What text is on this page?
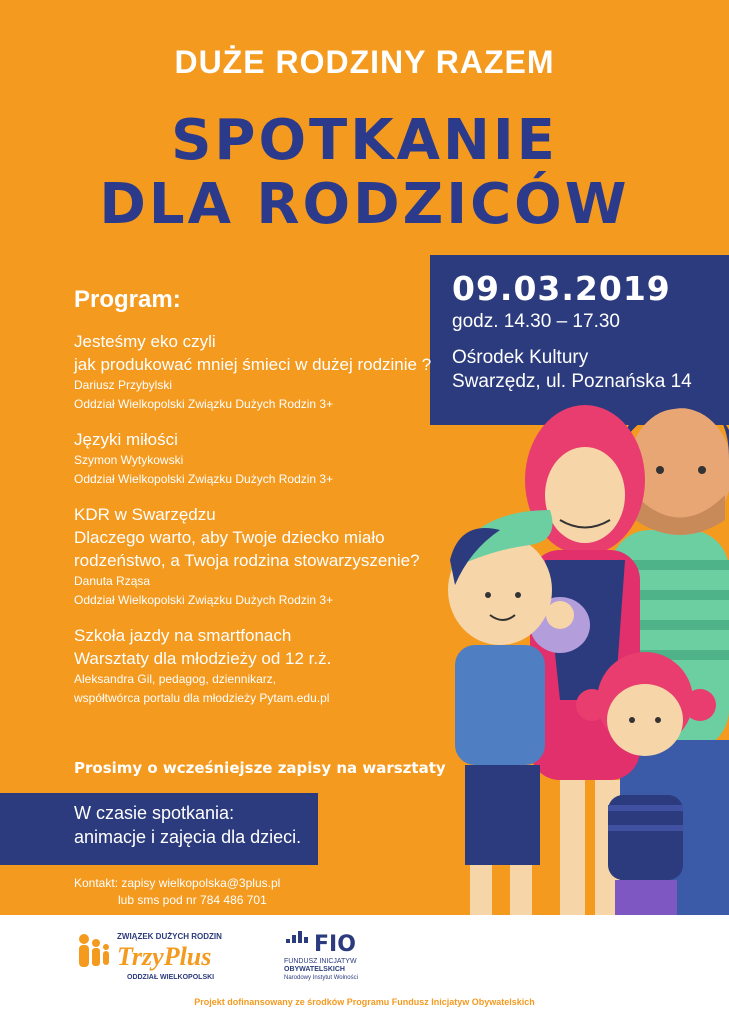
DUŻE RODZINY RAZEM
SPOTKANIE
DLA RODZICÓW
09.03.2019
godz. 14.30 – 17.30
Ośrodek Kultury
Swarzędz, ul. Poznańska 14
Program:
Jesteśmy eko czyli
jak produkować mniej śmieci w dużej rodzinie ?
Dariusz Przybylski
Oddział Wielkopolski Związku Dużych Rodzin 3+
Języki miłości
Szymon Wytykowski
Oddział Wielkopolski Związku Dużych Rodzin 3+
KDR w Swarzędzu
Dlaczego warto, aby Twoje dziecko miało
rodzeństwo, a Twoja rodzina stowarzyszenie?
Danuta Rząsa
Oddział Wielkopolski Związku Dużych Rodzin 3+
Szkoła jazdy na smartfonach
Warsztaty dla młodzieży od 12 r.ż.
Aleksandra Gil, pedagog, dziennikarz,
współtwórca portalu dla młodzieży Pytam.edu.pl
Prosimy o wcześniejsze zapisy na warsztaty
W czasie spotkania:
animacje i zajęcia dla dzieci.
Kontakt: zapisy wielkopolska@3plus.pl
lub sms pod nr 784 486 701
ZWIĄZEK DUŻYCH RODZIN
TrzyPlus
ODDZIAŁ WIELKOPOLSKI
FIO
FUNDUSZ INICJATYW
OBYWATELSKICH
Narodowy Instytut Wolności
Projekt dofinansowany ze środków Programu Fundusz Inicjatyw Obywatelskich
